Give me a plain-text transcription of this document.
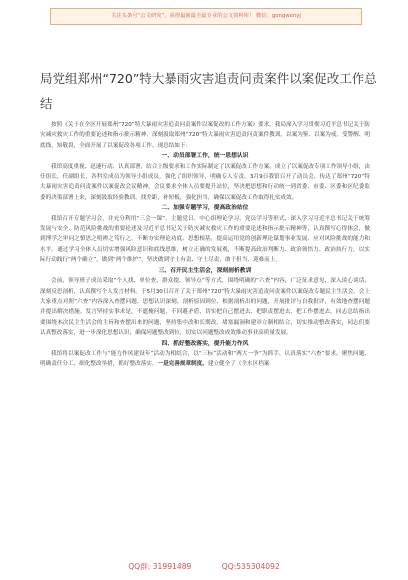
关注头条号“公文研究”，获得最新最全最专业的公文资料库！ 微信：gongwenyj
局党组郑州“720”特大暴雨灾害追责问责案件以案促改工作总结

按照《关于在全区开展郑州“720”特大暴雨灾害追责问责案件以案促改的工作方案》要求，我局深入学习贯彻习近平总书记关于防灾减灾救灾工作的重要论述和指示批示精神，深刻汲取郑州“720”特大暴雨灾害追责问责案件教训，以案为鉴、以案为戒，受警醒、明底线，知敬畏，全面开展了以案促改各项工作。现总结如下：

一、动员部署工作，统一思想认识

我馆高度重视、迅速行动、认真部署，结合上级要求和工作实际制定了以案促改工作方案，成立了以案促改专项工作领导小组，由任组长，任副组长，各科室成员为领导小组成员，强化了组织领导，明确专人专责。3月9日我馆召开了动员会，传达了郑州“720”特大暴雨灾害追责问责案件以案促改会议精神，会议要求全体人员要提升站位，坚决把思想和行动统一到省委、市委、区委和区纪委监委的决策部署上来，深刻汲取经验教训，找差距、补短板，强化担当，确保以案促改工作取得扎实成效。

二、加强专题学习，提高政治站位

我馆召开专题学习会，并充分利用“三会一课”、主题党日、中心组理论学习、党员学习等形式，深入学习习近平总书记关于统筹发展与安全、防范风险挑战的重要论述及习近平总书记关于防灾减灾救灾工作的重要论述和指示批示精神等，认真撰写心得体会，做到博学之审问之慎思之明辨之笃行之，不断夯实理论功底、思想根基，提高运用党的创新理论谋划事业发展、应对风险挑战的能力和水平。通过学习全体人员切实增强风险意识和底线思维，树立正确的发展观，不断提高政治判断力、政治领悟力、政治执行力，以实际行动践行“两个确立”，做到“两个维护”，坚决做到守土有责、守土尽责，敢于担当、迎难而上。

三、召开民主生活会，深刻剖析教训

会前，领导班子成员采取“个人找、单位查、群众提、领导点”等方式，围绕明确的“六查”内容，广泛征求意见，深入谈心谈话，深刻反思剖析，认真撰写个人发言材料。于5月30日召开了关于郑州“720”特大暴雨灾害追责问责案件以案促改专题民主生活会。会上大家重点对照“六查”内容深入查摆问题、思想认识深刻、剖析原因到位、根据剖析出的问题，开展批评与自我批评，有效地查摆问题并提出解决措施。发言坚持实事求是，不遮掩问题，不回避矛盾，切实把自己摆进去、把职责摆进去、把工作摆进去。同志总结指出要围绕本次民主生活会的主旨和查摆出来的问题，坚持集中改和长期改、堵塞漏洞和建章立制相结合，切实推动整改落实，同志们要认真整改落实，进一步深化思想认识，确保问题整改到位，切实以问题整改成效推动事业高质量发展。

四、抓好整改落实，提升能力作风

我馆将以案促改工作与“能力作风建设年”活动为相结合，以“三标”活动和“两大一争”为抓手，认真落实“六查”要求，聚焦问题，明确责任分工，细化整改举措，抓好整改落实。一是完善规章制度。建立健全了《全水区档案

QQ群: 31991489	QQ:535304092
